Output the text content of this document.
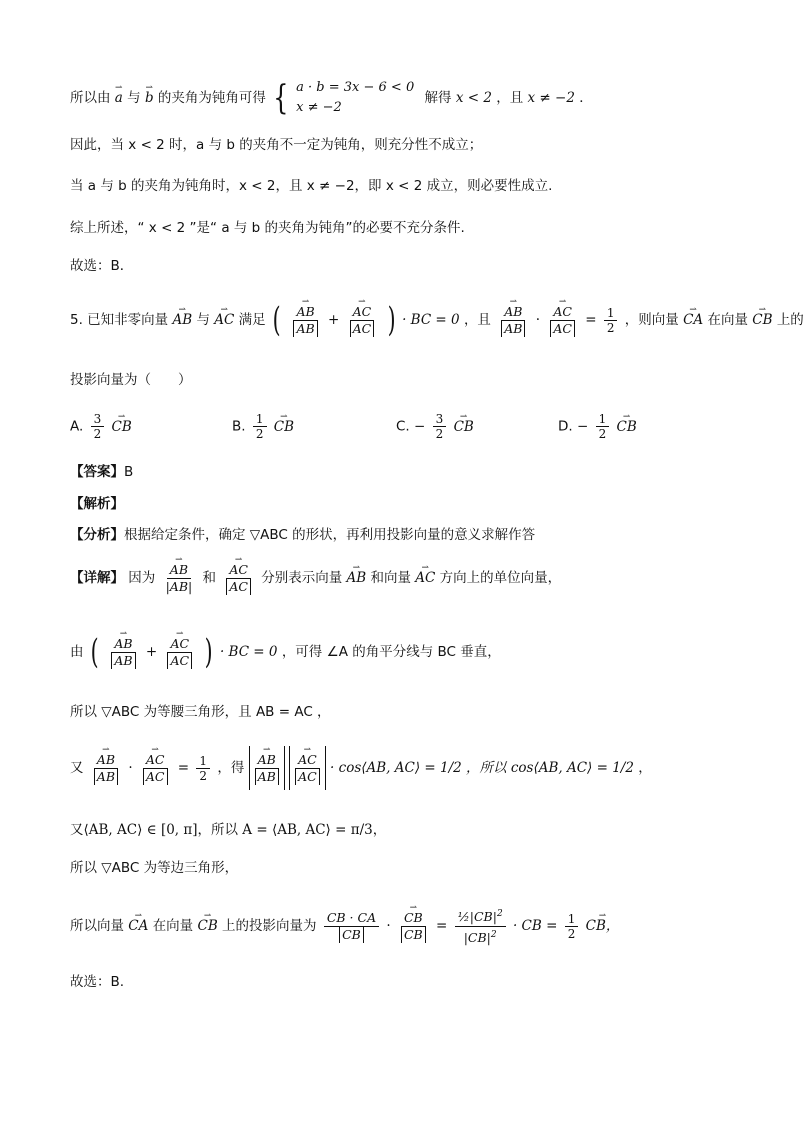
所以由 ⇀ a 与 ⇀ b 的夹角为钝角可得 { a · b = 3x − 6 < 0
x ≠ −2
解得 x < 2 ，且 x ≠ −2 ．
因此，当 x < 2 时，a 与 b 的夹角不一定为钝角，则充分性不成立；
当 a 与 b 的夹角为钝角时，x < 2，且 x ≠ −2，即 x < 2 成立，则必要性成立.
综上所述，“ x < 2 ”是“ a 与 b 的夹角为钝角”的必要不充分条件.
故选：B．
5. 已知非零向量 ⇀ AB 与 ⇀ AC 满足 ( ⇀ $\frac{AB}{AB}$ + ⇀ $\frac{AC}{AC}$ ) · BC = 0 ，且 ⇀ $\frac{AB}{AB}$ · ⇀ $\frac{AC}{AC} = \frac{1}{2}$ ，则向量 ⇀ CA 在向量 ⇀ CB 上的
投影向量为（　　）
A. $\frac{3}{2}$ ⇀ CB	B. $\frac{1}{2}$ ⇀ CB	C. − $\frac{3}{2}$ ⇀ CB	D. − $\frac{1}{2}$ ⇀ CB
【答案】B
【解析】
【分析】根据给定条件，确定 ▽ABC 的形状，再利用投影向量的意义求解作答
【详解】 因为 ⇀ $\frac{AB}{|AB|}$ 和 ⇀ $\frac{AC}{AC}$ 分别表示向量 ⇀ AB 和向量 ⇀ AC 方向上的单位向量，
由 ( ⇀ $\frac{AB}{AB}$ + ⇀ $\frac{AC}{AC}$ ) · BC = 0 ，可得 ∠A 的角平分线与 BC 垂直，
所以 ▽ABC 为等腰三角形，且 AB = AC ，
又 ⇀ $\frac{AB}{AB}$ · ⇀ $\frac{AC}{AC} = \frac{1}{2}$ ，得 ⇀ $\frac{AB}{AB}$
⇀ $\frac{AC}{AC}$ · cos⟨AB, AC⟩ = 1/2 ，所以 cos⟨AB, AC⟩ = 1/2 ，
又⟨AB, AC⟩ ∈ [0, π]，所以 A = ⟨AB, AC⟩ = π/3，
所以 ▽ABC 为等边三角形，
所以向量 ⇀ CA 在向量 ⇀ CB 上的投影向量为 $\frac{CB \cdot CA}{CB}$ · ⇀ $\frac{CB}{CB} = \frac{\frac{1}{2}|CB|^2}{|CB|^2}$ · CB = $\frac{1}{2}$ ⇀ CB，
故选：B.
